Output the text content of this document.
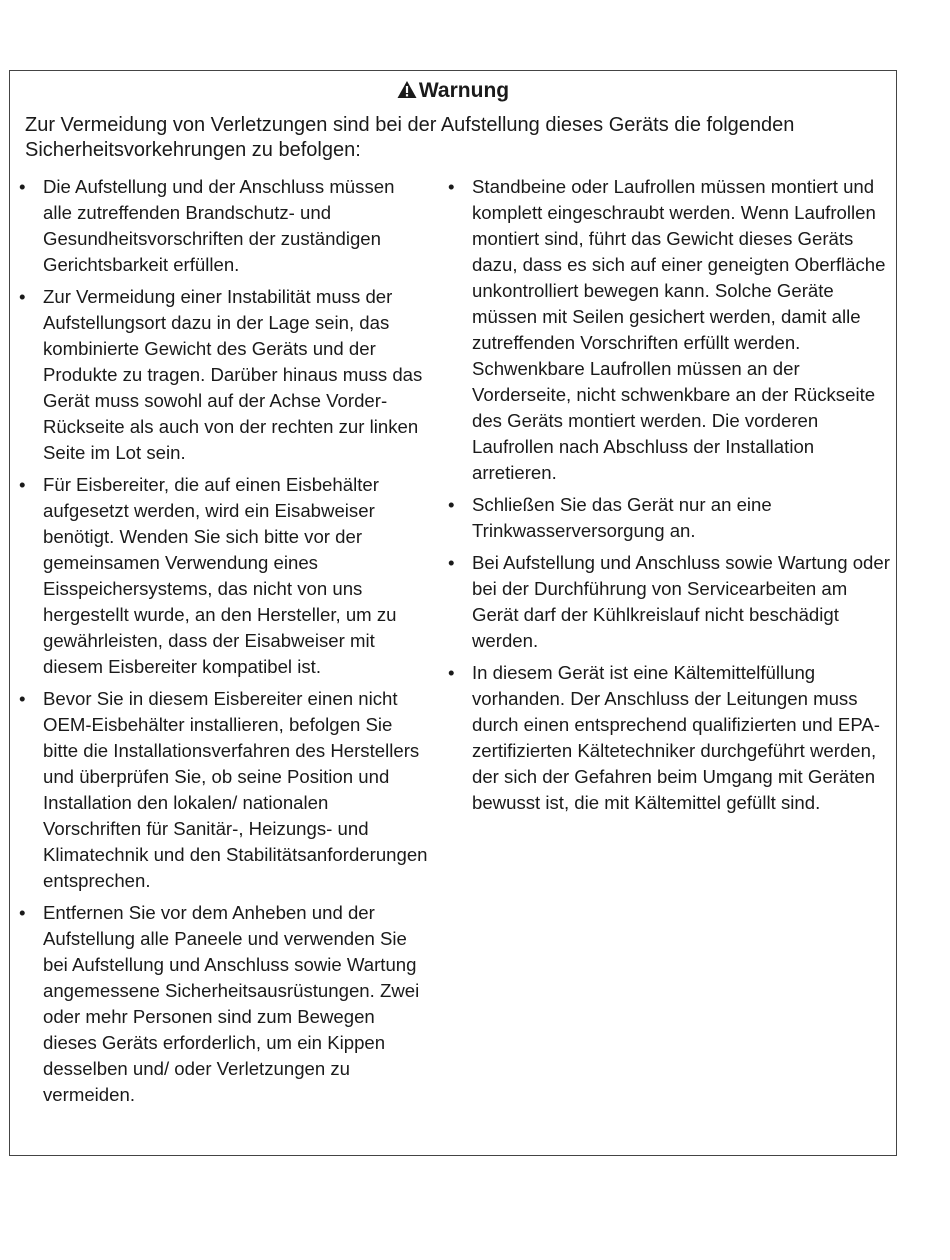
Warnung
Zur Vermeidung von Verletzungen sind bei der Aufstellung dieses Geräts die folgenden Sicherheitsvorkehrungen zu befolgen:
• Die Aufstellung und der Anschluss müssen alle zutreffenden Brandschutz- und Gesundheitsvorschriften der zuständigen Gerichtsbarkeit erfüllen.
• Zur Vermeidung einer Instabilität muss der Aufstellungsort dazu in der Lage sein, das kombinierte Gewicht des Geräts und der Produkte zu tragen. Darüber hinaus muss das Gerät muss sowohl auf der Achse Vorder-Rückseite als auch von der rechten zur linken Seite im Lot sein.
• Für Eisbereiter, die auf einen Eisbehälter aufgesetzt werden, wird ein Eisabweiser benötigt. Wenden Sie sich bitte vor der gemeinsamen Verwendung eines Eisspeichersystems, das nicht von uns hergestellt wurde, an den Hersteller, um zu gewährleisten, dass der Eisabweiser mit diesem Eisbereiter kompatibel ist.
• Bevor Sie in diesem Eisbereiter einen nicht OEM-Eisbehälter installieren, befolgen Sie bitte die Installationsverfahren des Herstellers und überprüfen Sie, ob seine Position und Installation den lokalen/ nationalen Vorschriften für Sanitär-, Heizungs- und Klimatechnik und den Stabilitätsanforderungen entsprechen.
• Entfernen Sie vor dem Anheben und der Aufstellung alle Paneele und verwenden Sie bei Aufstellung und Anschluss sowie Wartung angemessene Sicherheitsausrüstungen. Zwei oder mehr Personen sind zum Bewegen dieses Geräts erforderlich, um ein Kippen desselben und/ oder Verletzungen zu vermeiden.
• Standbeine oder Laufrollen müssen montiert und komplett eingeschraubt werden. Wenn Laufrollen montiert sind, führt das Gewicht dieses Geräts dazu, dass es sich auf einer geneigten Oberfläche unkontrolliert bewegen kann. Solche Geräte müssen mit Seilen gesichert werden, damit alle zutreffenden Vorschriften erfüllt werden. Schwenkbare Laufrollen müssen an der Vorderseite, nicht schwenkbare an der Rückseite des Geräts montiert werden. Die vorderen Laufrollen nach Abschluss der Installation arretieren.
• Schließen Sie das Gerät nur an eine Trinkwasserversorgung an.
• Bei Aufstellung und Anschluss sowie Wartung oder bei der Durchführung von Servicearbeiten am Gerät darf der Kühlkreislauf nicht beschädigt werden.
• In diesem Gerät ist eine Kältemittelfüllung vorhanden. Der Anschluss der Leitungen muss durch einen entsprechend qualifizierten und EPA-zertifizierten Kältetechniker durchgeführt werden, der sich der Gefahren beim Umgang mit Geräten bewusst ist, die mit Kältemittel gefüllt sind.
